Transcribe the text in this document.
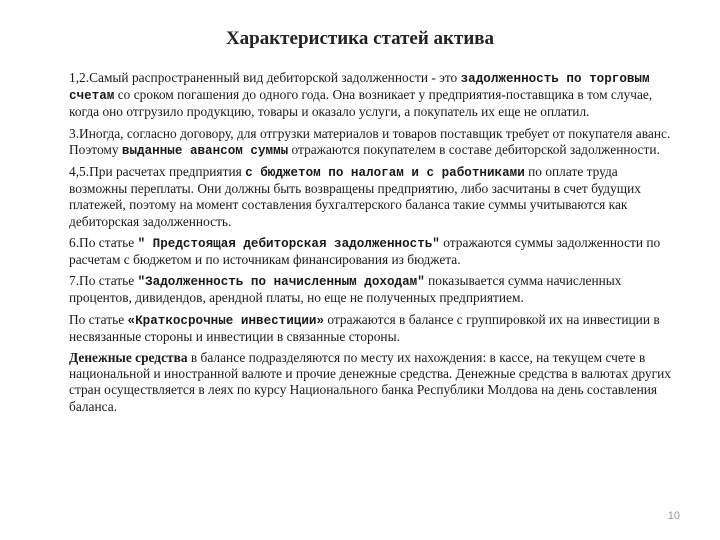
Характеристика статей актива

1,2.Самый распространенный вид дебиторской задолженности - это задолженность по торговым счетам со сроком погашения до одного года. Она возникает у предприятия-поставщика в том случае, когда оно отгрузило продукцию, товары и оказало услуги, а покупатель их еще не оплатил.

3.Иногда, согласно договору, для отгрузки материалов и товаров поставщик требует от покупателя аванс. Поэтому выданные авансом суммы отражаются покупателем в составе дебиторской задолженности.

4,5.При расчетах предприятия с бюджетом по налогам и с работниками по оплате труда возможны переплаты. Они должны быть возвращены предприятию, либо засчитаны в счет будущих платежей, поэтому на момент составления бухгалтерского баланса такие суммы учитываются как дебиторская задолженность.

6.По статье " Предстоящая дебиторская задолженность" отражаются суммы задолженности по расчетам с бюджетом и по источникам финансирования из бюджета.

7.По статье "Задолженность по начисленным доходам" показывается сумма начисленных процентов, дивидендов, арендной платы, но еще не полученных предприятием.

По статье «Краткосрочные инвестиции» отражаются в балансе с группировкой их на инвестиции в несвязанные стороны и инвестиции в связанные стороны.

Денежные средства в балансе подразделяются по месту их нахождения: в кассе, на текущем счете в национальной и иностранной валюте и прочие денежные средства. Денежные средства в валютах других стран осуществляется в леях по курсу Национального банка Республики Молдова на день составления баланса.

10
